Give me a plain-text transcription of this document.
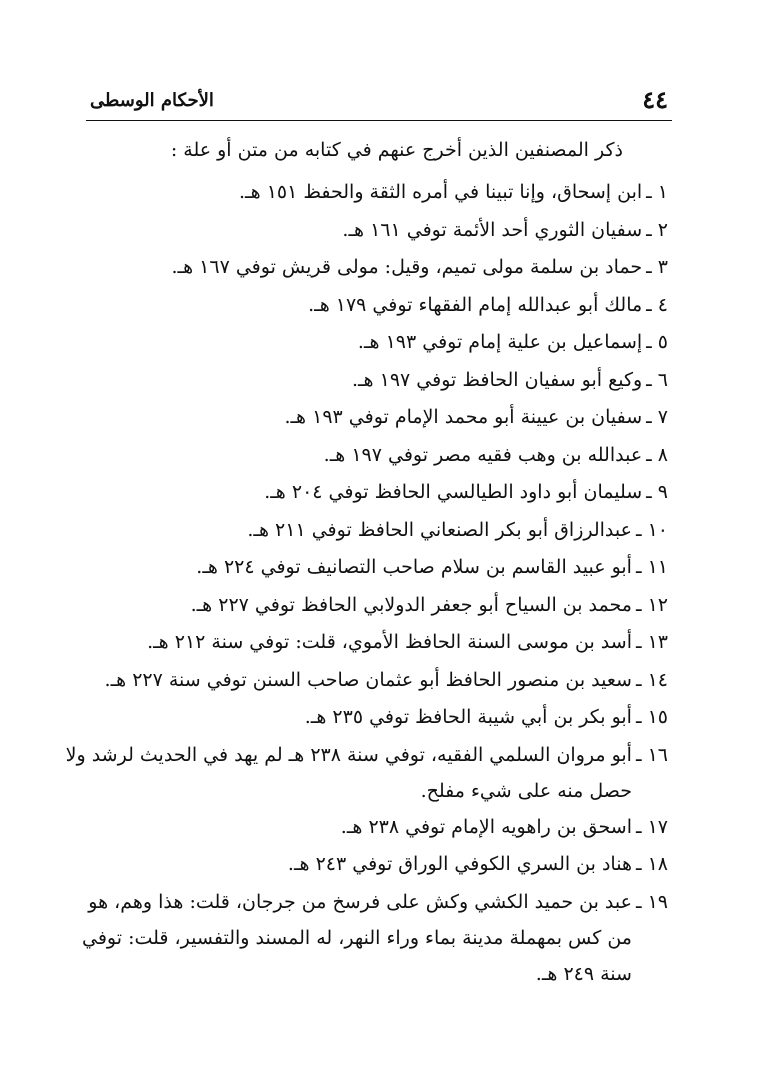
٤٤
الأحكام الوسطى
ذكر المصنفين الذين أخرج عنهم في كتابه من متن أو علة :
١ ـ
ابن إسحاق، وإنا تبينا في أمره الثقة والحفظ ١٥١ هـ.
٢ ـ
سفيان الثوري أحد الأئمة توفي ١٦١ هـ.
٣ ـ
حماد بن سلمة مولى تميم، وقيل: مولى قريش توفي ١٦٧ هـ.
٤ ـ
مالك أبو عبدالله إمام الفقهاء توفي ١٧٩ هـ.
٥ ـ
إسماعيل بن علية إمام توفي ١٩٣ هـ.
٦ ـ
وكيع أبو سفيان الحافظ توفي ١٩٧ هـ.
٧ ـ
سفيان بن عيينة أبو محمد الإمام توفي ١٩٣ هـ.
٨ ـ
عبدالله بن وهب فقيه مصر توفي ١٩٧ هـ.
٩ ـ
سليمان أبو داود الطيالسي الحافظ توفي ٢٠٤ هـ.
١٠ ـ
عبدالرزاق أبو بكر الصنعاني الحافظ توفي ٢١١ هـ.
١١ ـ
أبو عبيد القاسم بن سلام صاحب التصانيف توفي ٢٢٤ هـ.
١٢ ـ
محمد بن السياح أبو جعفر الدولابي الحافظ توفي ٢٢٧ هـ.
١٣ ـ
أسد بن موسى السنة الحافظ الأموي، قلت: توفي سنة ٢١٢ هـ.
١٤ ـ
سعيد بن منصور الحافظ أبو عثمان صاحب السنن توفي سنة ٢٢٧ هـ.
١٥ ـ
أبو بكر بن أبي شيبة الحافظ توفي ٢٣٥ هـ.
١٦ ـ
أبو مروان السلمي الفقيه، توفي سنة ٢٣٨ هـ لم يهد في الحديث لرشد ولا حصل منه على شيء مفلح.
١٧ ـ
اسحق بن راهويه الإمام توفي ٢٣٨ هـ.
١٨ ـ
هناد بن السري الكوفي الوراق توفي ٢٤٣ هـ.
١٩ ـ
عبد بن حميد الكشي وكش على فرسخ من جرجان، قلت: هذا وهم، هو من كس بمهملة مدينة بماء وراء النهر، له المسند والتفسير، قلت: توفي سنة ٢٤٩ هـ.
